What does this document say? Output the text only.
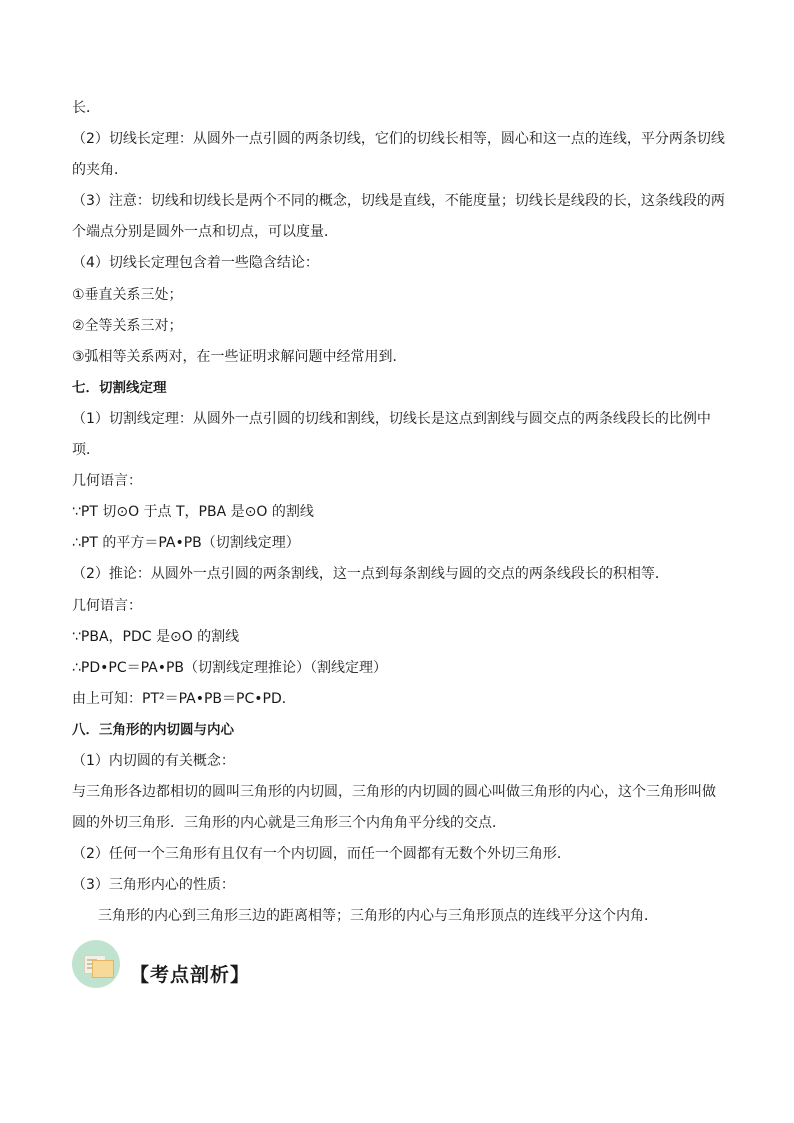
长．
（2）切线长定理：从圆外一点引圆的两条切线，它们的切线长相等，圆心和这一点的连线，平分两条切线
的夹角．
（3）注意：切线和切线长是两个不同的概念，切线是直线，不能度量；切线长是线段的长，这条线段的两
个端点分别是圆外一点和切点，可以度量．
（4）切线长定理包含着一些隐含结论：
①垂直关系三处；
②全等关系三对；
③弧相等关系两对，在一些证明求解问题中经常用到．
七．切割线定理
（1）切割线定理：从圆外一点引圆的切线和割线，切线长是这点到割线与圆交点的两条线段长的比例中
项．
几何语言：
∵PT 切⊙O 于点 T，PBA 是⊙O 的割线
∴PT 的平方＝PA•PB（切割线定理）
（2）推论：从圆外一点引圆的两条割线，这一点到每条割线与圆的交点的两条线段长的积相等．
几何语言：
∵PBA，PDC 是⊙O 的割线
∴PD•PC＝PA•PB（切割线定理推论）（割线定理）
由上可知：PT²＝PA•PB＝PC•PD．
八．三角形的内切圆与内心
（1）内切圆的有关概念：
与三角形各边都相切的圆叫三角形的内切圆，三角形的内切圆的圆心叫做三角形的内心，这个三角形叫做
圆的外切三角形．三角形的内心就是三角形三个内角角平分线的交点．
（2）任何一个三角形有且仅有一个内切圆，而任一个圆都有无数个外切三角形．
（3）三角形内心的性质：
三角形的内心到三角形三边的距离相等；三角形的内心与三角形顶点的连线平分这个内角．
【考点剖析】
